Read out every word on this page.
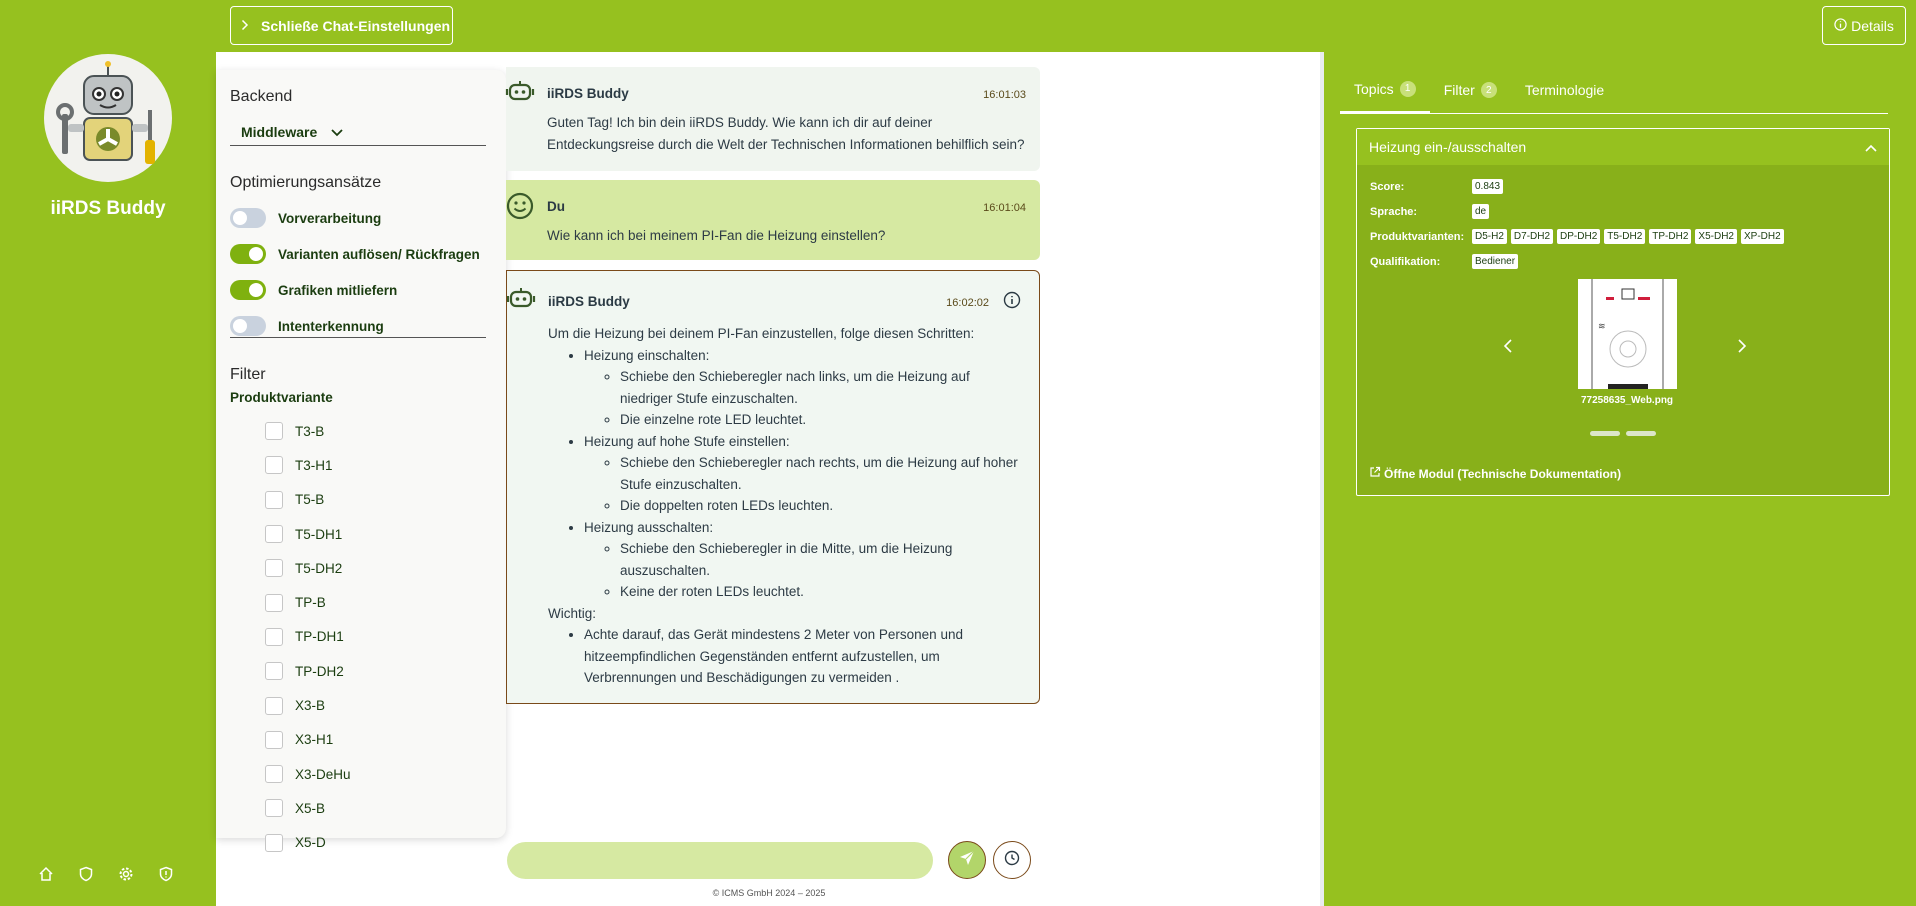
iiRDS Buddy
Schließe Chat-Einstellungen	Details
Backend
Middleware
Optimierungsansätze
Vorverarbeitung
Varianten auflösen/ Rückfragen
Grafiken mitliefern
Intenterkennung
Filter
Produktvariante
T3-B
T3-H1
T5-B
T5-DH1
T5-DH2
TP-B
TP-DH1
TP-DH2
X3-B
X3-H1
X3-DeHu
X5-B
X5-D
iiRDS Buddy	16:01:03
Guten Tag! Ich bin dein iiRDS Buddy. Wie kann ich dir auf deiner Entdeckungsreise durch die Welt der Technischen Informationen behilflich sein?
Du	16:01:04
Wie kann ich bei meinem PI-Fan die Heizung einstellen?
iiRDS Buddy	16:02:02
Um die Heizung bei deinem PI-Fan einzustellen, folge diesen Schritten:
• Heizung einschalten:
◦ Schiebe den Schieberegler nach links, um die Heizung auf niedriger Stufe einzuschalten.
◦ Die einzelne rote LED leuchtet.
• Heizung auf hohe Stufe einstellen:
◦ Schiebe den Schieberegler nach rechts, um die Heizung auf hoher Stufe einzuschalten.
◦ Die doppelten roten LEDs leuchten.
• Heizung ausschalten:
◦ Schiebe den Schieberegler in die Mitte, um die Heizung auszuschalten.
◦ Keine der roten LEDs leuchtet.
Wichtig:
• Achte darauf, das Gerät mindestens 2 Meter von Personen und hitzeempfindlichen Gegenständen entfernt aufzustellen, um Verbrennungen und Beschädigungen zu vermeiden .
© ICMS GmbH 2024 – 2025
Topics	1	Filter	2	Terminologie
Heizung ein-/ausschalten
Score:	0.843
Sprache:	de
Produktvarianten:	D5-H2	D7-DH2	DP-DH2	T5-DH2	TP-DH2	X5-DH2	XP-DH2
Qualifikation:	Bediener
≋
77258635_Web.png
Öffne Modul (Technische Dokumentation)
